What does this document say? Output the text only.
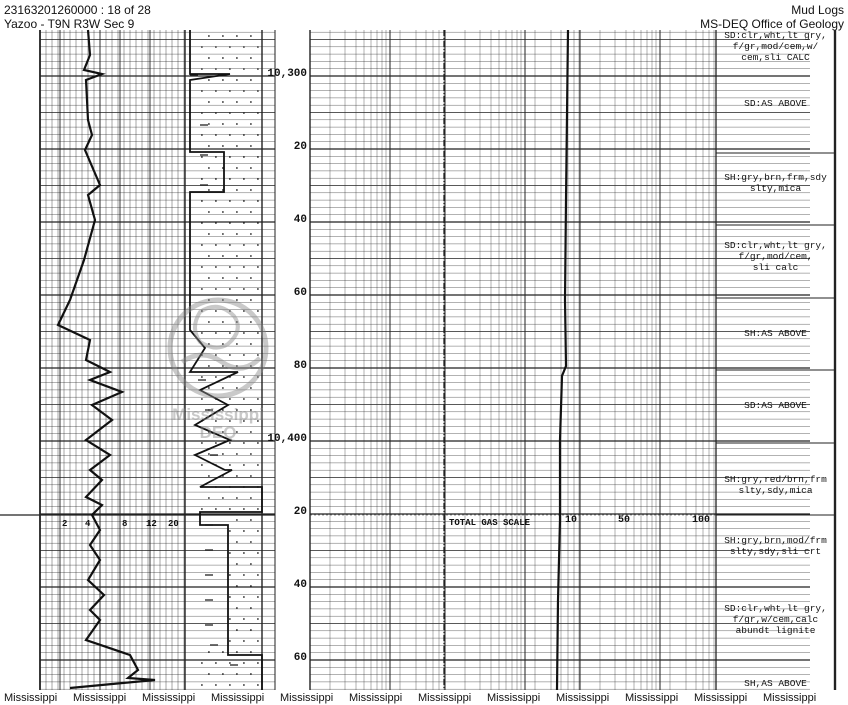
23163201260000 : 18 of 28
Yazoo - T9N R3W Sec 9
Mud Logs
MS-DEQ Office of Geology
10,300
20
40
60
80
10,400
20
40
60
SD:clr,wht,lt gry,
f/gr,mod/cem,w/
cem,sli CALC
SD:AS ABOVE
SH:gry,brn,frm,sdy
slty,mica
SD:clr,wht,lt gry,
f/gr,mod/cem,
sli calc
SH:AS ABOVE
SD:AS ABOVE
SH:gry,red/brn,frm
slty,sdy,mica
SH:gry,brn,mod/frm
slty,sdy,sli crt
SD:clr,wht,lt gry,
f/gr,w/cem,calc
abundt lignite
SH,AS ABOVE
2 4	8 12 20	TOTAL GAS SCALE	10	50	100
Mississippi
DEQ
Mississippi Mississippi Mississippi Mississippi Mississippi Mississippi Mississippi Mississippi Mississippi Mississippi Mississippi Mississippi
